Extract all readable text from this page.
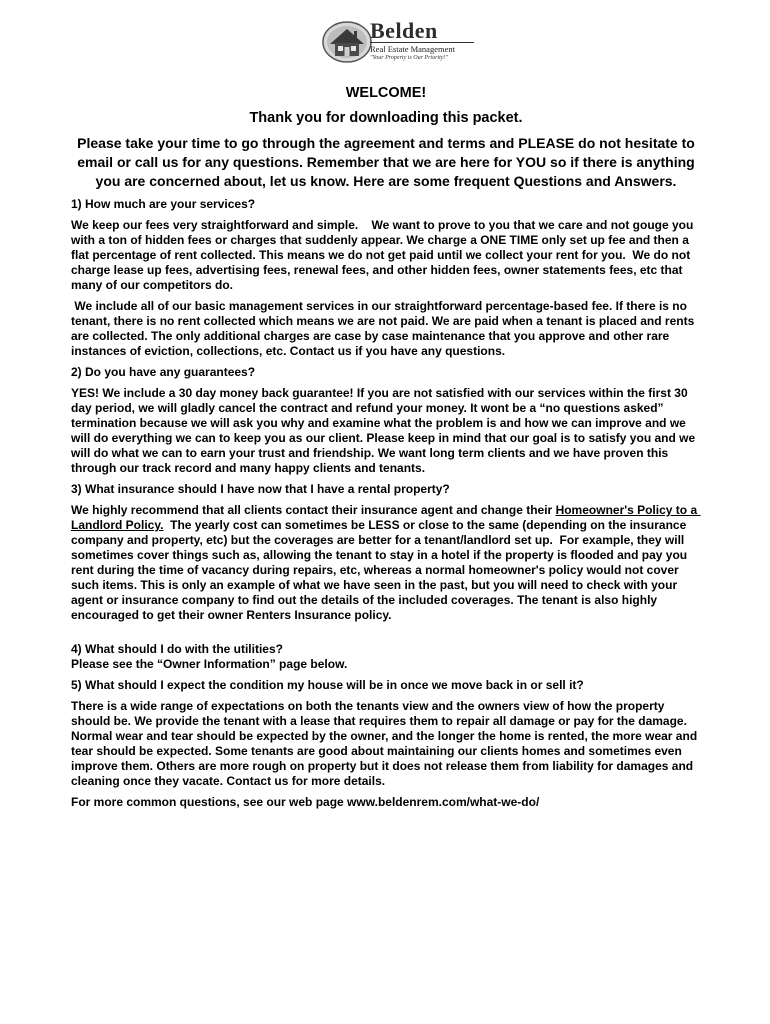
Belden
Real Estate Management
"Your Property is Our Priority!"

WELCOME!

Thank you for downloading this packet.

Please take your time to go through the agreement and terms and PLEASE do not hesitate to email or call us for any questions. Remember that we are here for YOU so if there is anything you are concerned about, let us know. Here are some frequent Questions and Answers.

1) How much are your services?

We keep our fees very straightforward and simple.    We want to prove to you that we care and not gouge you with a ton of hidden fees or charges that suddenly appear. We charge a ONE TIME only set up fee and then a flat percentage of rent collected. This means we do not get paid until we collect your rent for you.  We do not charge lease up fees, advertising fees, renewal fees, and other hidden fees, owner statements fees, etc that many of our competitors do.

We include all of our basic management services in our straightforward percentage-based fee. If there is no tenant, there is no rent collected which means we are not paid. We are paid when a tenant is placed and rents are collected. The only additional charges are case by case maintenance that you approve and other rare instances of eviction, collections, etc. Contact us if you have any questions.

2) Do you have any guarantees?

YES! We include a 30 day money back guarantee! If you are not satisfied with our services within the first 30 day period, we will gladly cancel the contract and refund your money. It wont be a “no questions asked” termination because we will ask you why and examine what the problem is and how we can improve and we will do everything we can to keep you as our client. Please keep in mind that our goal is to satisfy you and we will do what we can to earn your trust and friendship. We want long term clients and we have proven this through our track record and many happy clients and tenants.

3) What insurance should I have now that I have a rental property?

We highly recommend that all clients contact their insurance agent and change their Homeowner's Policy to a Landlord Policy.  The yearly cost can sometimes be LESS or close to the same (depending on the insurance company and property, etc) but the coverages are better for a tenant/landlord set up.  For example, they will sometimes cover things such as, allowing the tenant to stay in a hotel if the property is flooded and pay you rent during the time of vacancy during repairs, etc, whereas a normal homeowner's policy would not cover such items. This is only an example of what we have seen in the past, but you will need to check with your agent or insurance company to find out the details of the included coverages. The tenant is also highly encouraged to get their owner Renters Insurance policy.

4) What should I do with the utilities?

Please see the “Owner Information” page below.

5) What should I expect the condition my house will be in once we move back in or sell it?

There is a wide range of expectations on both the tenants view and the owners view of how the property should be. We provide the tenant with a lease that requires them to repair all damage or pay for the damage. Normal wear and tear should be expected by the owner, and the longer the home is rented, the more wear and tear should be expected. Some tenants are good about maintaining our clients homes and sometimes even improve them. Others are more rough on property but it does not release them from liability for damages and cleaning once they vacate. Contact us for more details.

For more common questions, see our web page www.beldenrem.com/what-we-do/
